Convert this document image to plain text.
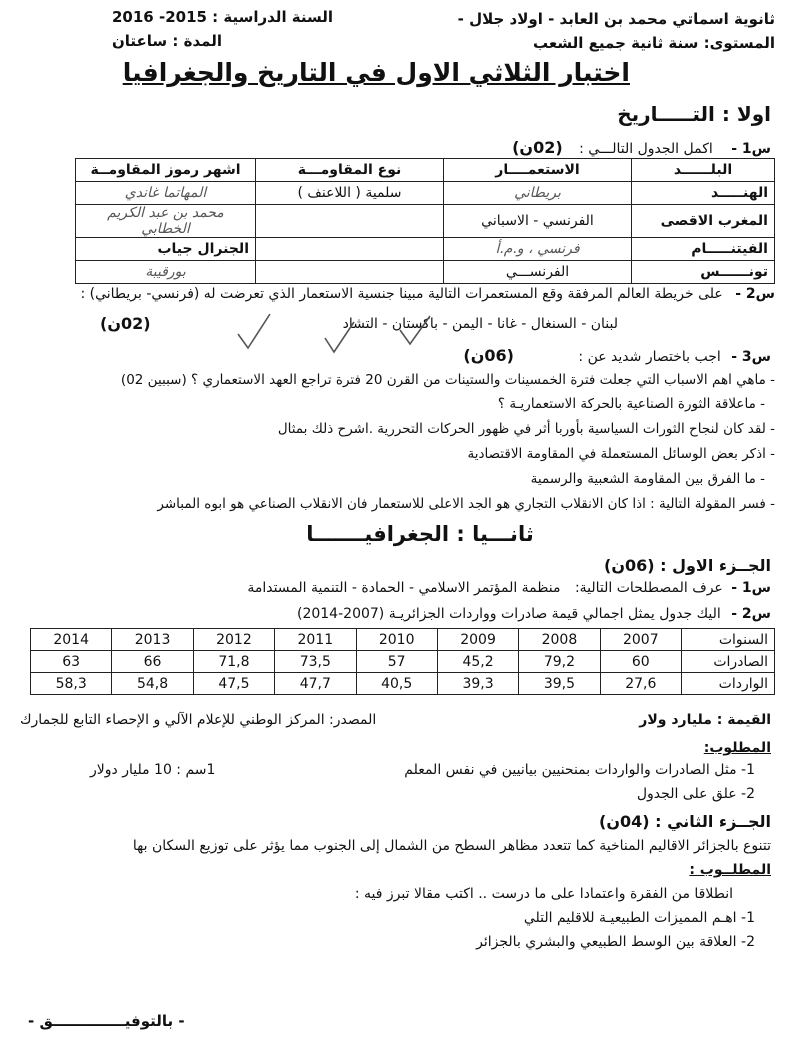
ثانوية اسماتي محمد بن العابد - اولاد جلال -
المستوى: سنة ثانية جميع الشعب
السنة الدراسية : 2015- 2016
المدة : ساعتان
اختبار الثلاثي الاول في التاريخ والجغرافيا
اولا : التـــــاريخ
س1 - اكمل الجدول التالـــي : (02ن)
البلــــــد	الاستعمــــار	نوع المقاومـــة	اشهر رموز المقاومــة
الهنـــــد	بريطاني	سلمية ( اللاعنف )	المهاتما غاندي
المغرب الاقصى	الفرنسي - الاسباني		محمد بن عبد الكريم الخطابي
الفيتنـــــام	فرنسي ، و.م.أ		الجنرال جياب
تونــــــس	الفرنســـي		بورقيبة
س2 - على خريطة العالم المرفقة وقع المستعمرات التالية مبينا جنسية الاستعمار الذي تعرضت له (فرنسي- بريطاني) :
لبنان - السنغال - غانا - اليمن - باكستان - التشاد
(02ن)
س3 - اجب باختصار شديد عن : (06ن)
- ماهي اهم الاسباب التي جعلت فترة الخمسينات والستينات من القرن 20 فترة تراجع العهد الاستعماري ؟ (سببين 02)
- ماعلاقة الثورة الصناعية بالحركة الاستعماريـة ؟
- لقد كان لنجاح الثورات السياسية بأوربا أثر في ظهور الحركات التحررية .اشرح ذلك بمثال
- اذكر بعض الوسائل المستعملة في المقاومة الاقتصادية
- ما الفرق بين المقاومة الشعبية والرسمية
- فسر المقولة التالية : اذا كان الانقلاب التجاري هو الجد الاعلى للاستعمار فان الانقلاب الصناعي هو ابوه المباشر
ثانـــيا : الجغرافيـــــــا
الجــزء الاول : (06ن)
س1 - عرف المصطلحات التالية: منظمة المؤتمر الاسلامي - الحمادة - التنمية المستدامة
س2 - اليك جدول يمثل اجمالي قيمة صادرات وواردات الجزائريـة (2007-2014)
السنوات	2007	2008	2009	2010	2011	2012	2013	2014
الصادرات	60	79,2	45,2	57	73,5	71,8	66	63
الواردات	27,6	39,5	39,3	40,5	47,7	47,5	54,8	58,3
القيمة : مليارد ولار
المصدر: المركز الوطني للإعلام الآلي و الإحصاء التابع للجمارك
المطلوب:
1- مثل الصادرات والواردات بمنحنيين بيانيين في نفس المعلم
2- علق على الجدول
1سم : 10 مليار دولار
الجــزء الثاني : (04ن)
تتنوع بالجزائر الاقاليم المناخية كما تتعدد مظاهر السطح من الشمال إلى الجنوب مما يؤثر على توزيع السكان بها
المطلــوب :
انطلاقا من الفقرة واعتمادا على ما درست .. اكتب مقالا تبرز فيه :
1- اهـم المميزات الطبيعيـة للاقليم التلي
2- العلاقة بين الوسط الطبيعي والبشري بالجزائر
- بالتوفيــــــــــــــق -
